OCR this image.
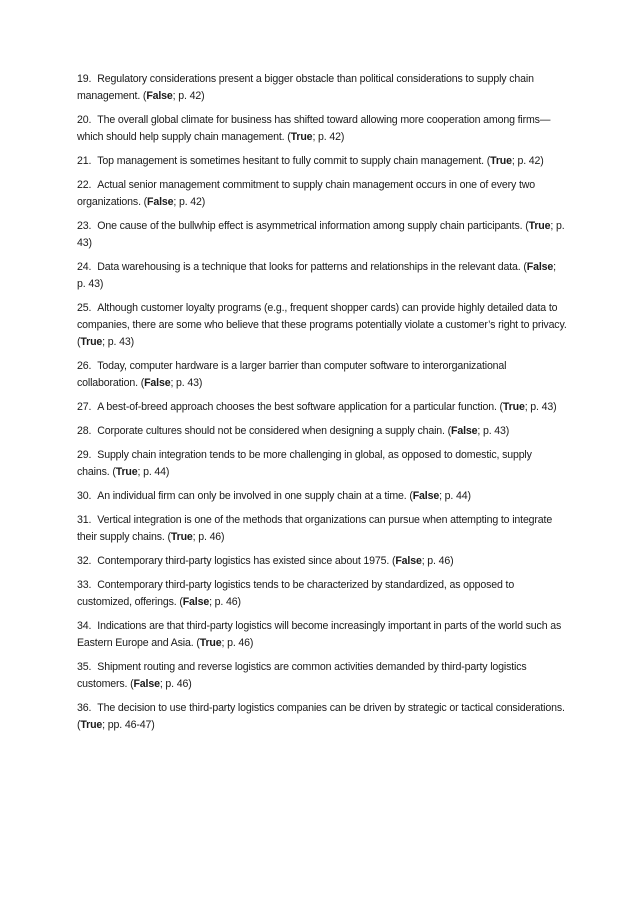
19. Regulatory considerations present a bigger obstacle than political considerations to supply chain management. (False; p. 42)

20. The overall global climate for business has shifted toward allowing more cooperation among firms—which should help supply chain management. (True; p. 42)

21. Top management is sometimes hesitant to fully commit to supply chain management. (True; p. 42)

22. Actual senior management commitment to supply chain management occurs in one of every two organizations. (False; p. 42)

23. One cause of the bullwhip effect is asymmetrical information among supply chain participants. (True; p. 43)

24. Data warehousing is a technique that looks for patterns and relationships in the relevant data. (False; p. 43)

25. Although customer loyalty programs (e.g., frequent shopper cards) can provide highly detailed data to companies, there are some who believe that these programs potentially violate a customer’s right to privacy. (True; p. 43)

26. Today, computer hardware is a larger barrier than computer software to interorganizational collaboration. (False; p. 43)

27. A best-of-breed approach chooses the best software application for a particular function. (True; p. 43)

28. Corporate cultures should not be considered when designing a supply chain. (False; p. 43)

29. Supply chain integration tends to be more challenging in global, as opposed to domestic, supply chains. (True; p. 44)

30. An individual firm can only be involved in one supply chain at a time. (False; p. 44)

31. Vertical integration is one of the methods that organizations can pursue when attempting to integrate their supply chains. (True; p. 46)

32. Contemporary third-party logistics has existed since about 1975. (False; p. 46)

33. Contemporary third-party logistics tends to be characterized by standardized, as opposed to customized, offerings. (False; p. 46)

34. Indications are that third-party logistics will become increasingly important in parts of the world such as Eastern Europe and Asia. (True; p. 46)

35. Shipment routing and reverse logistics are common activities demanded by third-party logistics customers. (False; p. 46)

36. The decision to use third-party logistics companies can be driven by strategic or tactical considerations. (True; pp. 46-47)
